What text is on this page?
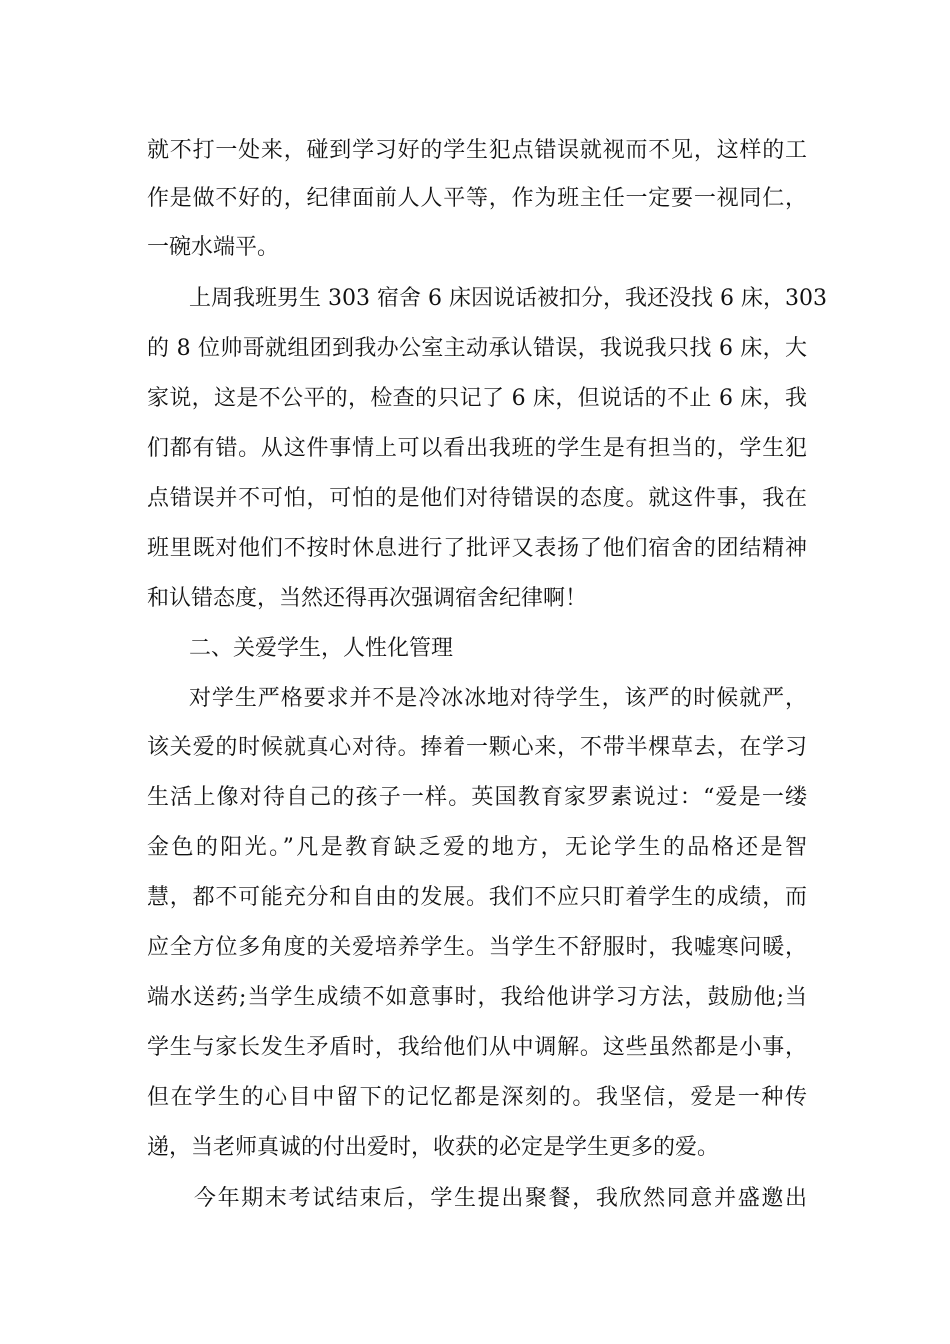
就不打一处来，碰到学习好的学生犯点错误就视而不见，这样的工
作是做不好的，纪律面前人人平等，作为班主任一定要一视同仁，
一碗水端平。
上周我班男生 303 宿舍 6 床因说话被扣分，我还没找 6 床，303
的 8 位帅哥就组团到我办公室主动承认错误，我说我只找 6 床，大
家说，这是不公平的，检查的只记了 6 床，但说话的不止 6 床，我
们都有错。从这件事情上可以看出我班的学生是有担当的，学生犯
点错误并不可怕，可怕的是他们对待错误的态度。就这件事，我在
班里既对他们不按时休息进行了批评又表扬了他们宿舍的团结精神
和认错态度，当然还得再次强调宿舍纪律啊！
二、关爱学生，人性化管理
对学生严格要求并不是冷冰冰地对待学生，该严的时候就严，
该关爱的时候就真心对待。捧着一颗心来，不带半棵草去，在学习
生活上像对待自己的孩子一样。英国教育家罗素说过：“爱是一缕
金色的阳光。”凡是教育缺乏爱的地方，无论学生的品格还是智
慧，都不可能充分和自由的发展。我们不应只盯着学生的成绩，而
应全方位多角度的关爱培养学生。当学生不舒服时，我嘘寒问暖，
端水送药;当学生成绩不如意事时，我给他讲学习方法，鼓励他;当
学生与家长发生矛盾时，我给他们从中调解。这些虽然都是小事，
但在学生的心目中留下的记忆都是深刻的。我坚信，爱是一种传
递，当老师真诚的付出爱时，收获的必定是学生更多的爱。
今年期末考试结束后，学生提出聚餐，我欣然同意并盛邀出
